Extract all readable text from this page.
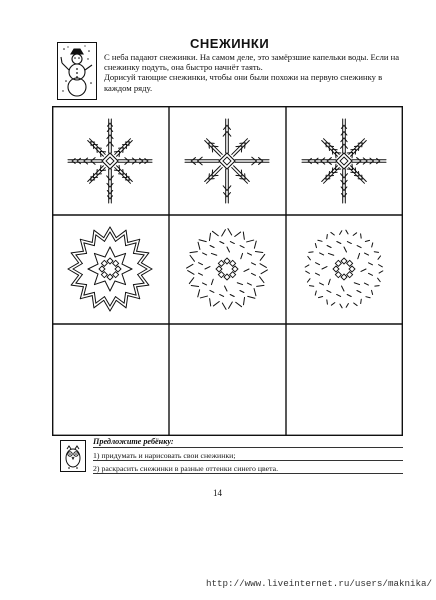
СНЕЖИНКИ

С неба падают снежинки. На самом деле, это замёрзшие капельки воды. Если на снежинку подуть, она быстро начнёт таять.

Дорисуй тающие снежинки, чтобы они были похожи на первую снежинку в каждом ряду.

Предложите ребёнку:
1) придумать и нарисовать свои снежинки;
2) раскрасить снежинки в разные оттенки синего цвета.
14
http://www.liveinternet.ru/users/maknika/
